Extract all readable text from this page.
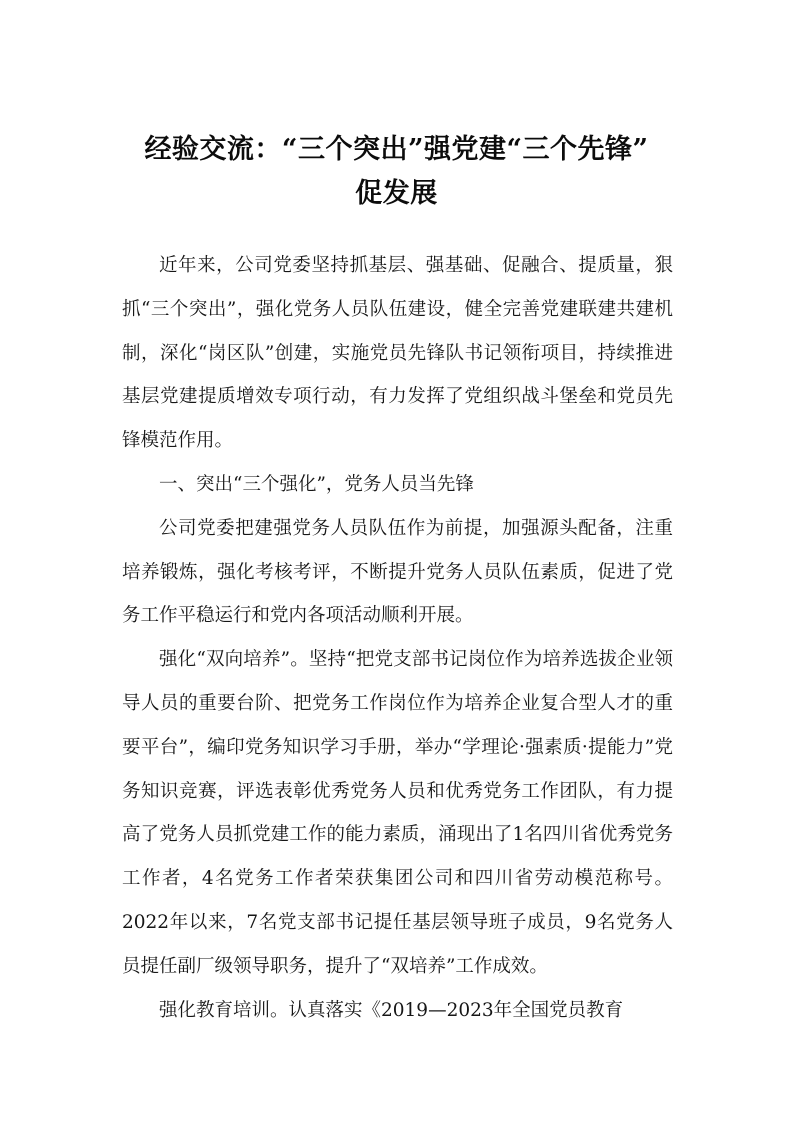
经验交流：“三个突出”强党建“三个先锋”
促发展

近年来，公司党委坚持抓基层、强基础、促融合、提质量，狠抓“三个突出”，强化党务人员队伍建设，健全完善党建联建共建机制，深化“岗区队”创建，实施党员先锋队书记领衔项目，持续推进基层党建提质增效专项行动，有力发挥了党组织战斗堡垒和党员先锋模范作用。

一、突出“三个强化”，党务人员当先锋

公司党委把建强党务人员队伍作为前提，加强源头配备，注重培养锻炼，强化考核考评，不断提升党务人员队伍素质，促进了党务工作平稳运行和党内各项活动顺利开展。

强化“双向培养”。坚持“把党支部书记岗位作为培养选拔企业领导人员的重要台阶、把党务工作岗位作为培养企业复合型人才的重要平台”，编印党务知识学习手册，举办“学理论·强素质·提能力”党务知识竞赛，评选表彰优秀党务人员和优秀党务工作团队，有力提高了党务人员抓党建工作的能力素质，涌现出了1名四川省优秀党务工作者，4名党务工作者荣获集团公司和四川省劳动模范称号。2022年以来，7名党支部书记提任基层领导班子成员，9名党务人员提任副厂级领导职务，提升了“双培养”工作成效。

强化教育培训。认真落实《2019—2023年全国党员教育
